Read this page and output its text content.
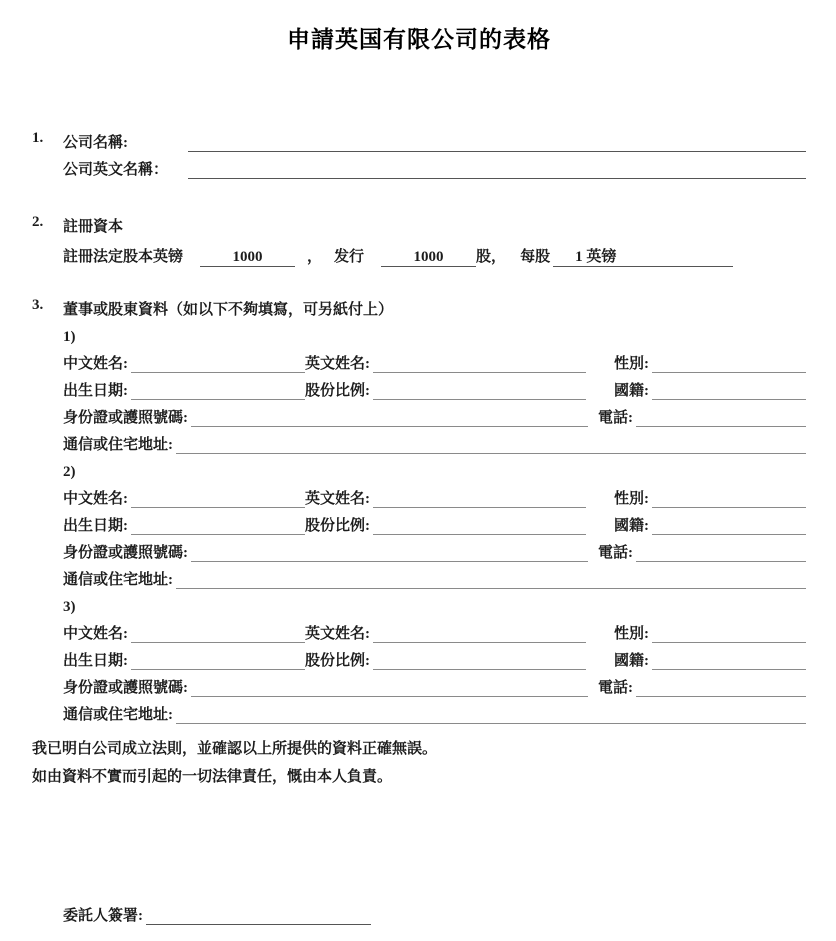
申請英国有限公司的表格
1.	公司名稱:
公司英文名稱：
2.	註冊資本
註冊法定股本英镑	1000	， 发行	1000	股， 每股	1 英镑
3.	董事或股東資料（如以下不夠填寫，可另紙付上）
1)
中文姓名:	英文姓名:	性別:
出生日期:	股份比例:	國籍:
身份證或護照號碼:	電話:
通信或住宅地址:
2)
中文姓名:	英文姓名:	性別:
出生日期:	股份比例:	國籍:
身份證或護照號碼:	電話:
通信或住宅地址:
3)
中文姓名:	英文姓名:	性別:
出生日期:	股份比例:	國籍:
身份證或護照號碼:	電話:
通信或住宅地址:
我已明白公司成立法則，並確認以上所提供的資料正確無誤。
如由資料不實而引起的一切法律責任，慨由本人負責。
委託人簽署:
